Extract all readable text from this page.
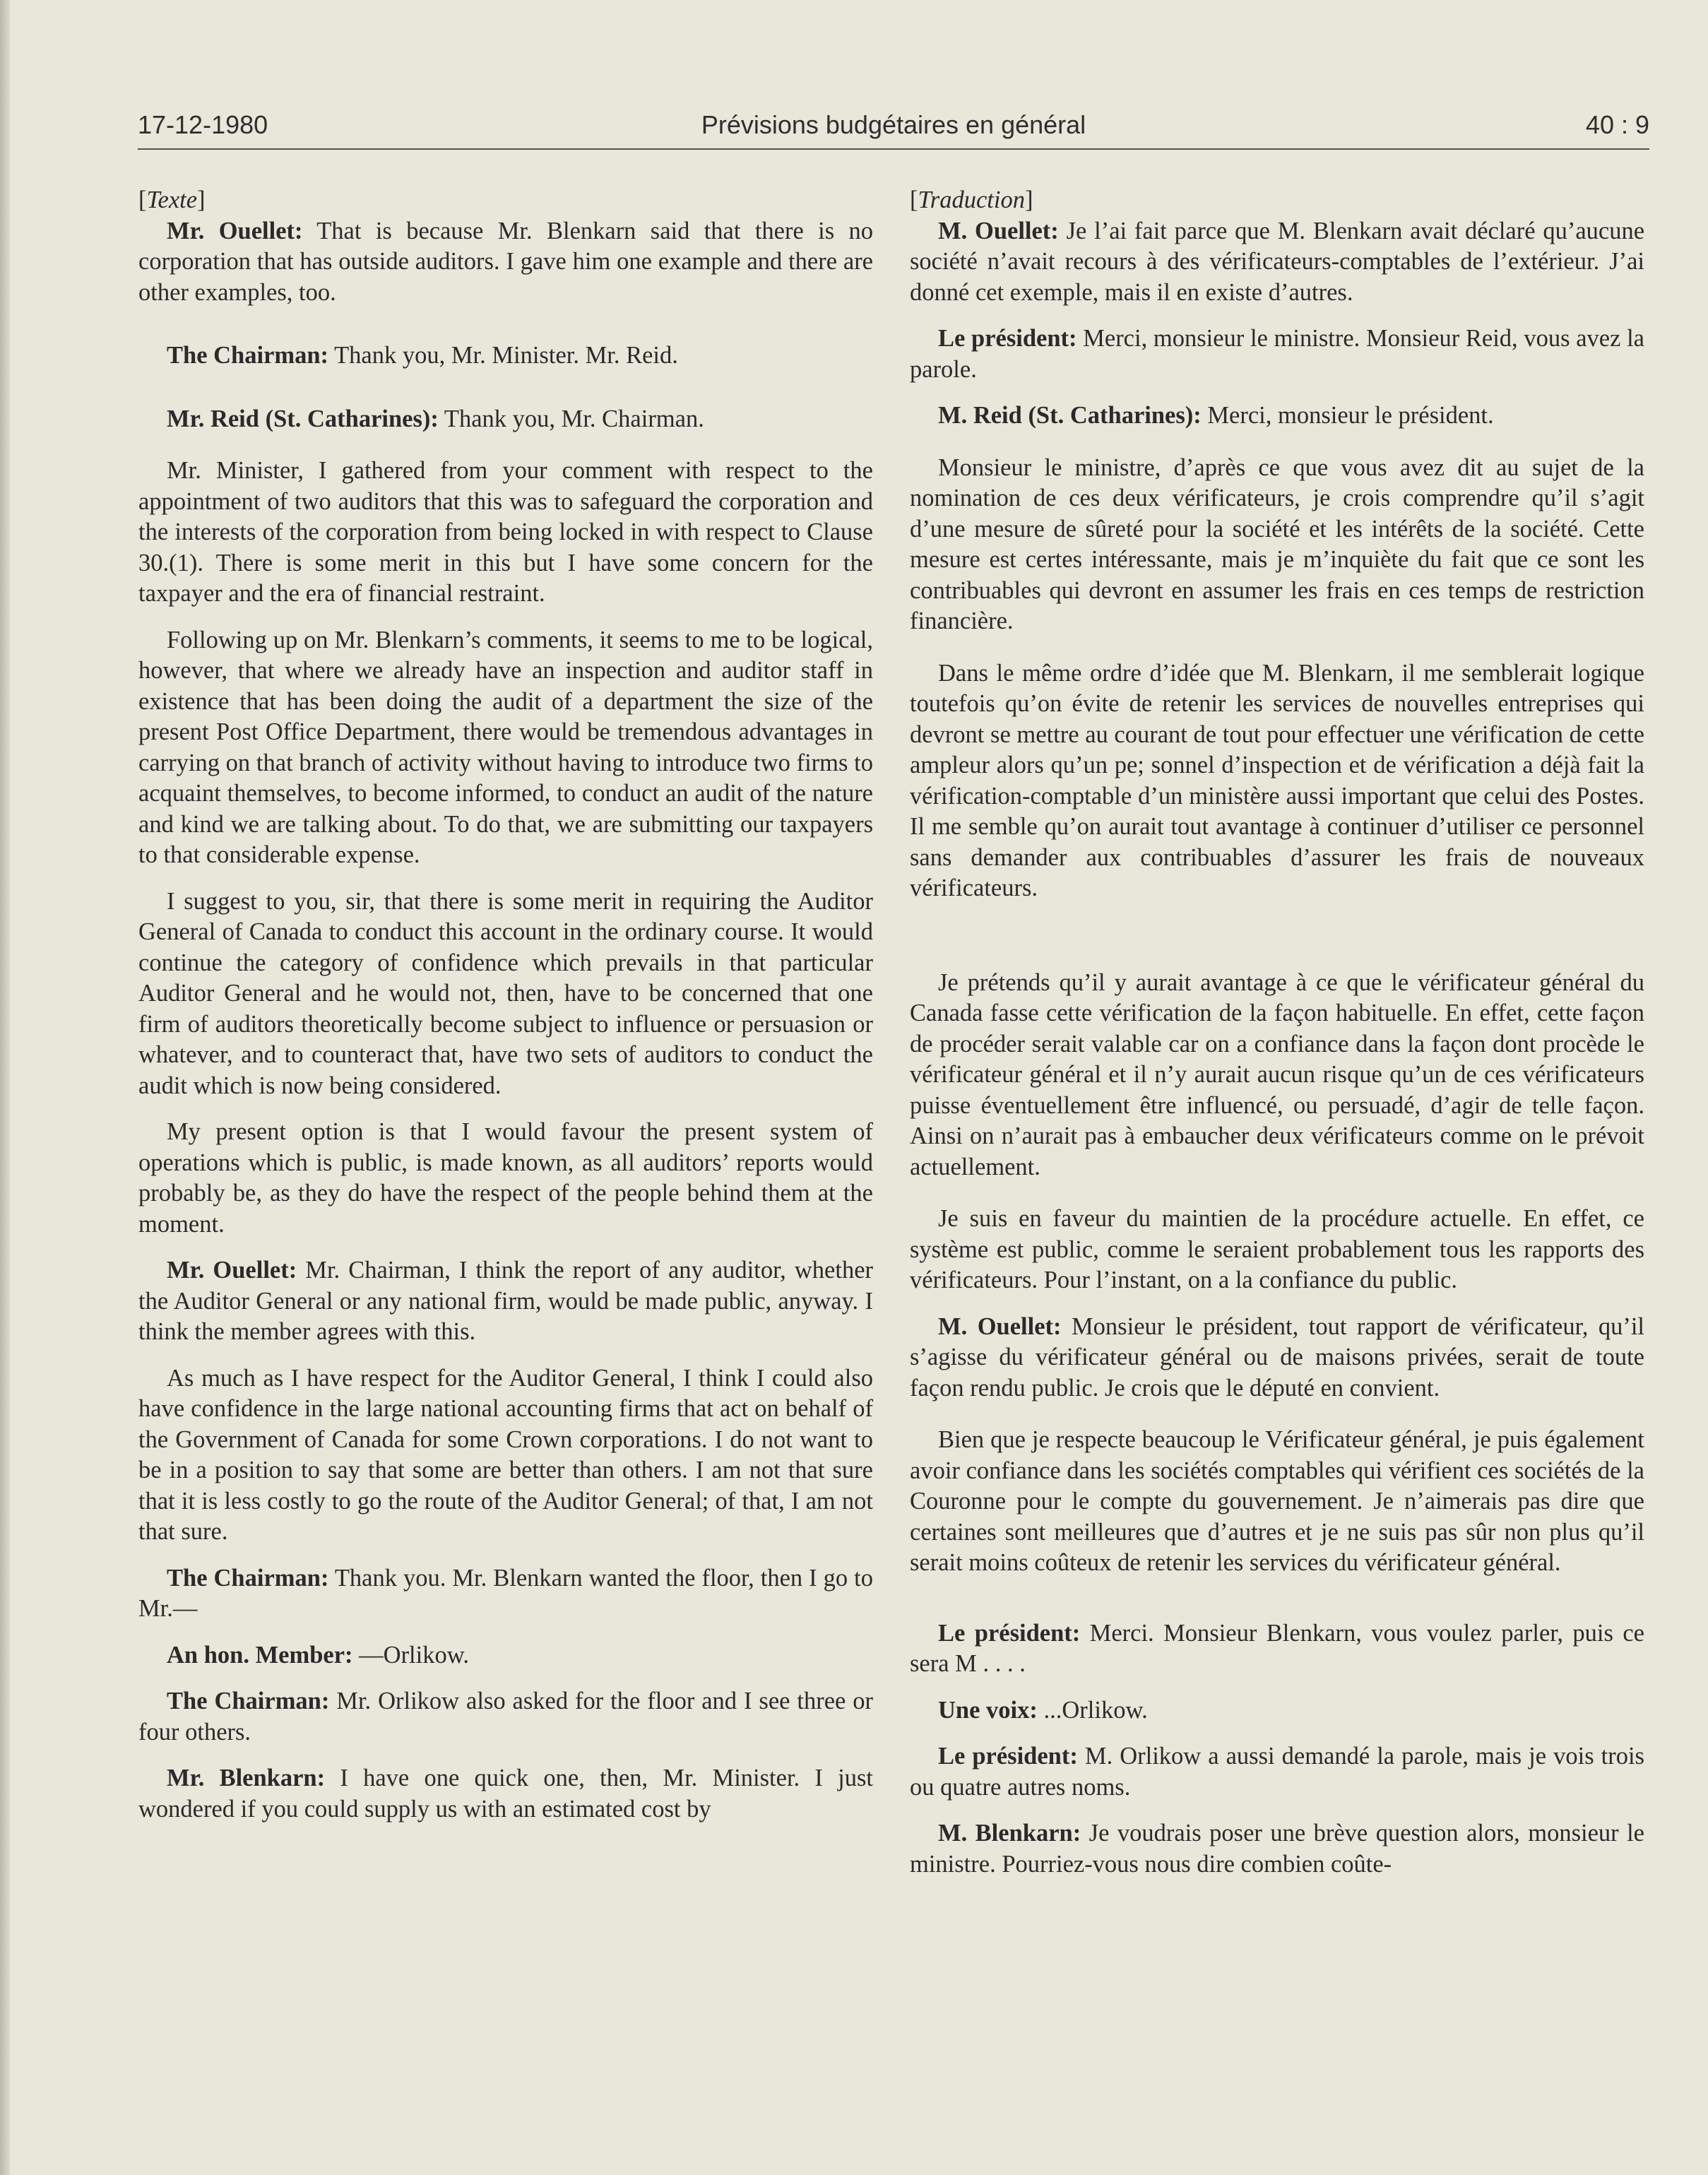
17-12-1980	Prévisions budgétaires en général	40 : 9

[Texte]

Mr. Ouellet: That is because Mr. Blenkarn said that there is no corporation that has outside auditors. I gave him one example and there are other examples, too.

The Chairman: Thank you, Mr. Minister. Mr. Reid.

Mr. Reid (St. Catharines): Thank you, Mr. Chairman.

Mr. Minister, I gathered from your comment with respect to the appointment of two auditors that this was to safeguard the corporation and the interests of the corporation from being locked in with respect to Clause 30.(1). There is some merit in this but I have some concern for the taxpayer and the era of financial restraint.

Following up on Mr. Blenkarn’s comments, it seems to me to be logical, however, that where we already have an inspection and auditor staff in existence that has been doing the audit of a department the size of the present Post Office Department, there would be tremendous advantages in carrying on that branch of activity without having to introduce two firms to acquaint themselves, to become informed, to conduct an audit of the nature and kind we are talking about. To do that, we are submitting our taxpayers to that considerable expense.

I suggest to you, sir, that there is some merit in requiring the Auditor General of Canada to conduct this account in the ordinary course. It would continue the category of confidence which prevails in that particular Auditor General and he would not, then, have to be concerned that one firm of auditors theoretically become subject to influence or persuasion or whatever, and to counteract that, have two sets of auditors to conduct the audit which is now being considered.

My present option is that I would favour the present system of operations which is public, is made known, as all auditors’ reports would probably be, as they do have the respect of the people behind them at the moment.

Mr. Ouellet: Mr. Chairman, I think the report of any auditor, whether the Auditor General or any national firm, would be made public, anyway. I think the member agrees with this.

As much as I have respect for the Auditor General, I think I could also have confidence in the large national accounting firms that act on behalf of the Government of Canada for some Crown corporations. I do not want to be in a position to say that some are better than others. I am not that sure that it is less costly to go the route of the Auditor General; of that, I am not that sure.

The Chairman: Thank you. Mr. Blenkarn wanted the floor, then I go to Mr.—

An hon. Member: —Orlikow.

The Chairman: Mr. Orlikow also asked for the floor and I see three or four others.

Mr. Blenkarn: I have one quick one, then, Mr. Minister. I just wondered if you could supply us with an estimated cost by

[Traduction]

M. Ouellet: Je l’ai fait parce que M. Blenkarn avait déclaré qu’aucune société n’avait recours à des vérificateurs-comptables de l’extérieur. J’ai donné cet exemple, mais il en existe d’autres.

Le président: Merci, monsieur le ministre. Monsieur Reid, vous avez la parole.

M. Reid (St. Catharines): Merci, monsieur le président.

Monsieur le ministre, d’après ce que vous avez dit au sujet de la nomination de ces deux vérificateurs, je crois comprendre qu’il s’agit d’une mesure de sûreté pour la société et les intérêts de la société. Cette mesure est certes intéressante, mais je m’inquiète du fait que ce sont les contribuables qui devront en assumer les frais en ces temps de restriction financière.

Dans le même ordre d’idée que M. Blenkarn, il me semblerait logique toutefois qu’on évite de retenir les services de nouvelles entreprises qui devront se mettre au courant de tout pour effectuer une vérification de cette ampleur alors qu’un pe; sonnel d’inspection et de vérification a déjà fait la vérification-comptable d’un ministère aussi important que celui des Postes. Il me semble qu’on aurait tout avantage à continuer d’utiliser ce personnel sans demander aux contribuables d’assurer les frais de nouveaux vérificateurs.

Je prétends qu’il y aurait avantage à ce que le vérificateur général du Canada fasse cette vérification de la façon habituelle. En effet, cette façon de procéder serait valable car on a confiance dans la façon dont procède le vérificateur général et il n’y aurait aucun risque qu’un de ces vérificateurs puisse éventuellement être influencé, ou persuadé, d’agir de telle façon. Ainsi on n’aurait pas à embaucher deux vérificateurs comme on le prévoit actuellement.

Je suis en faveur du maintien de la procédure actuelle. En effet, ce système est public, comme le seraient probablement tous les rapports des vérificateurs. Pour l’instant, on a la confiance du public.

M. Ouellet: Monsieur le président, tout rapport de vérificateur, qu’il s’agisse du vérificateur général ou de maisons privées, serait de toute façon rendu public. Je crois que le député en convient.

Bien que je respecte beaucoup le Vérificateur général, je puis également avoir confiance dans les sociétés comptables qui vérifient ces sociétés de la Couronne pour le compte du gouvernement. Je n’aimerais pas dire que certaines sont meilleures que d’autres et je ne suis pas sûr non plus qu’il serait moins coûteux de retenir les services du vérificateur général.

Le président: Merci. Monsieur Blenkarn, vous voulez parler, puis ce sera M . . . .

Une voix: ...Orlikow.

Le président: M. Orlikow a aussi demandé la parole, mais je vois trois ou quatre autres noms.

M. Blenkarn: Je voudrais poser une brève question alors, monsieur le ministre. Pourriez-vous nous dire combien coûte-
